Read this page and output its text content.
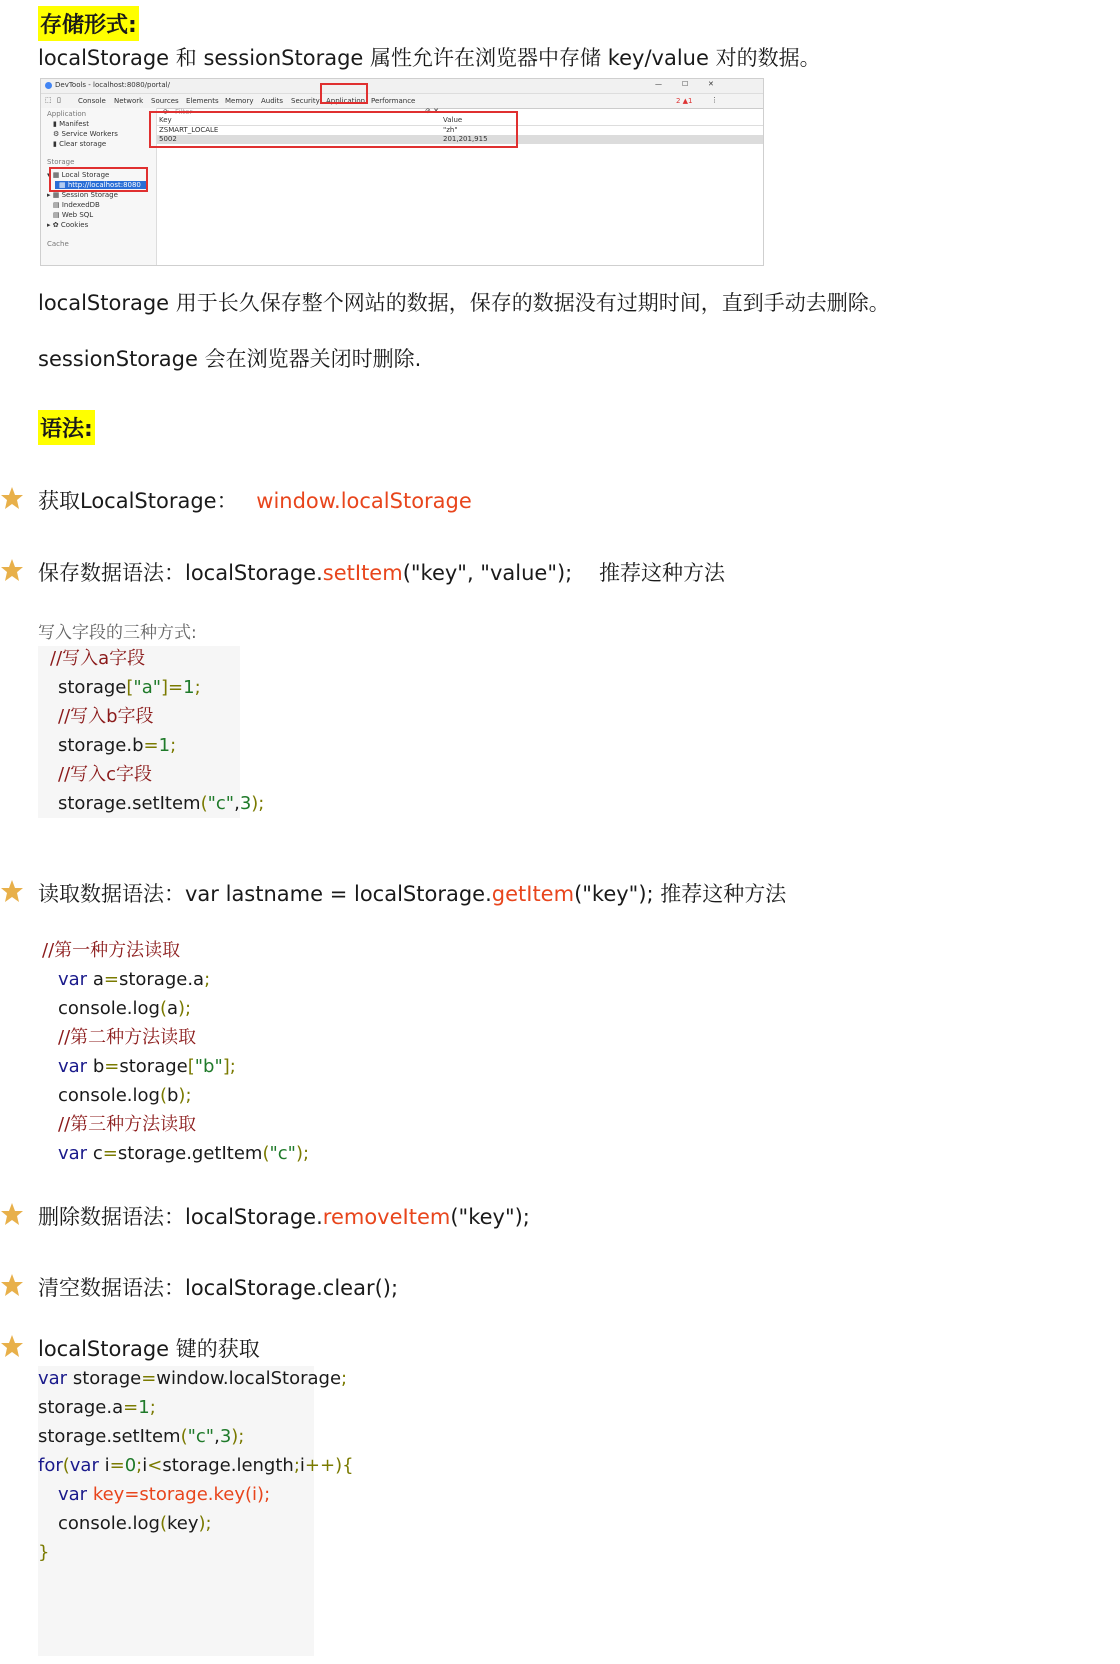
存储形式:
localStorage 和 sessionStorage 属性允许在浏览器中存储 key/value 对的数据。
DevTools - localhost:8080/portal/	—	☐	✕
⬚ ▯ Console Network Sources Elements Memory Audits Security Application Performance	2 ▲1	⋮
Application
▮ Manifest
⚙ Service Workers
▮ Clear storage
Storage
▾ ▦ Local Storage
▦ http://localhost:8080
▸ ▦ Session Storage
▤ IndexedDB
▤ Web SQL
▸ ✿ Cookies
Cache
⟳ Filter	⊘ ✕
Key	Value
ZSMART_LOCALE	"zh"
5002	201,201,915
localStorage 用于长久保存整个网站的数据，保存的数据没有过期时间，直到手动去删除。
sessionStorage 会在浏览器关闭时删除.
语法:
获取LocalStorage： window.localStorage
保存数据语法：localStorage.setItem("key", "value"); 推荐这种方法
写入字段的三种方式:
//写入a字段
storage["a"]=1;
//写入b字段
storage.b=1;
//写入c字段
storage.setItem("c",3);
读取数据语法：var lastname = localStorage.getItem("key"); 推荐这种方法
//第一种方法读取
var a=storage.a;
console.log(a);
//第二种方法读取
var b=storage["b"];
console.log(b);
//第三种方法读取
var c=storage.getItem("c");
删除数据语法：localStorage.removeItem("key");
清空数据语法：localStorage.clear();
localStorage 键的获取
var storage=window.localStorage;
storage.a=1;
storage.setItem("c",3);
for(var i=0;i<storage.length;i++){
var key=storage.key(i);
console.log(key);
}
